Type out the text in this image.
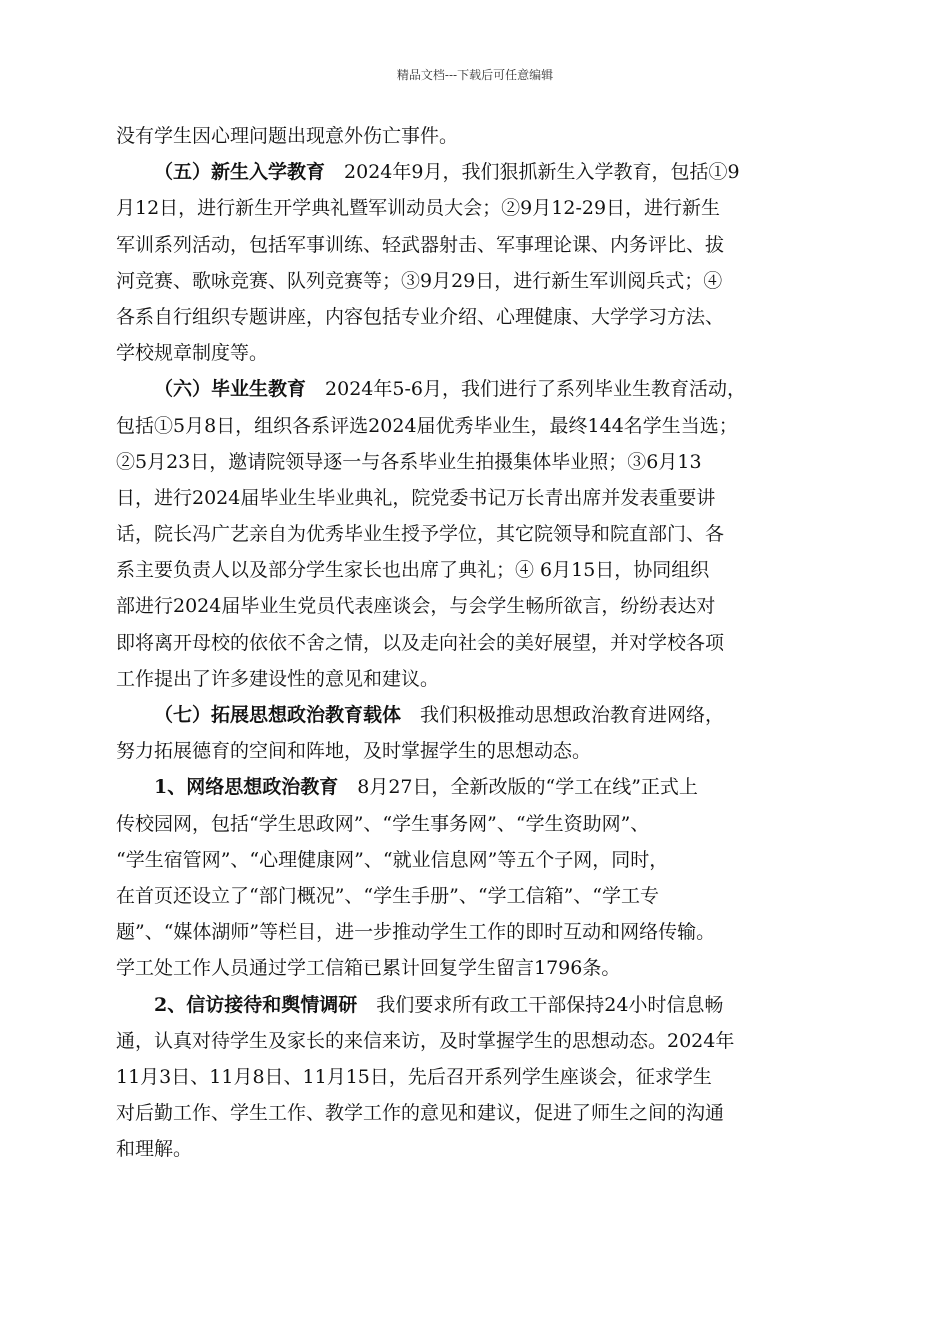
精品文档---下载后可任意编辑
没有学生因心理问题出现意外伤亡事件。
（五）新生入学教育　2024年9月，我们狠抓新生入学教育，包括①9
月12日，进行新生开学典礼暨军训动员大会；②9月12-29日，进行新生
军训系列活动，包括军事训练、轻武器射击、军事理论课、内务评比、拔
河竞赛、歌咏竞赛、队列竞赛等；③9月29日，进行新生军训阅兵式；④
各系自行组织专题讲座，内容包括专业介绍、心理健康、大学学习方法、
学校规章制度等。
（六）毕业生教育　2024年5-6月，我们进行了系列毕业生教育活动，
包括①5月8日，组织各系评选2024届优秀毕业生，最终144名学生当选；
②5月23日，邀请院领导逐一与各系毕业生拍摄集体毕业照；③6月13
日，进行2024届毕业生毕业典礼，院党委书记万长青出席并发表重要讲
话，院长冯广艺亲自为优秀毕业生授予学位，其它院领导和院直部门、各
系主要负责人以及部分学生家长也出席了典礼；④ 6月15日，协同组织
部进行2024届毕业生党员代表座谈会，与会学生畅所欲言，纷纷表达对
即将离开母校的依依不舍之情，以及走向社会的美好展望，并对学校各项
工作提出了许多建设性的意见和建议。
（七）拓展思想政治教育载体　我们积极推动思想政治教育进网络，
努力拓展德育的空间和阵地，及时掌握学生的思想动态。
1、网络思想政治教育　8月27日，全新改版的“学工在线”正式上
传校园网，包括“学生思政网”、“学生事务网”、“学生资助网”、
“学生宿管网”、“心理健康网”、“就业信息网”等五个子网，同时，
在首页还设立了“部门概况”、“学生手册”、“学工信箱”、“学工专
题”、“媒体湖师”等栏目，进一步推动学生工作的即时互动和网络传输。
学工处工作人员通过学工信箱已累计回复学生留言1796条。
2、信访接待和舆情调研　我们要求所有政工干部保持24小时信息畅
通，认真对待学生及家长的来信来访，及时掌握学生的思想动态。2024年
11月3日、11月8日、11月15日，先后召开系列学生座谈会，征求学生
对后勤工作、学生工作、教学工作的意见和建议，促进了师生之间的沟通
和理解。
